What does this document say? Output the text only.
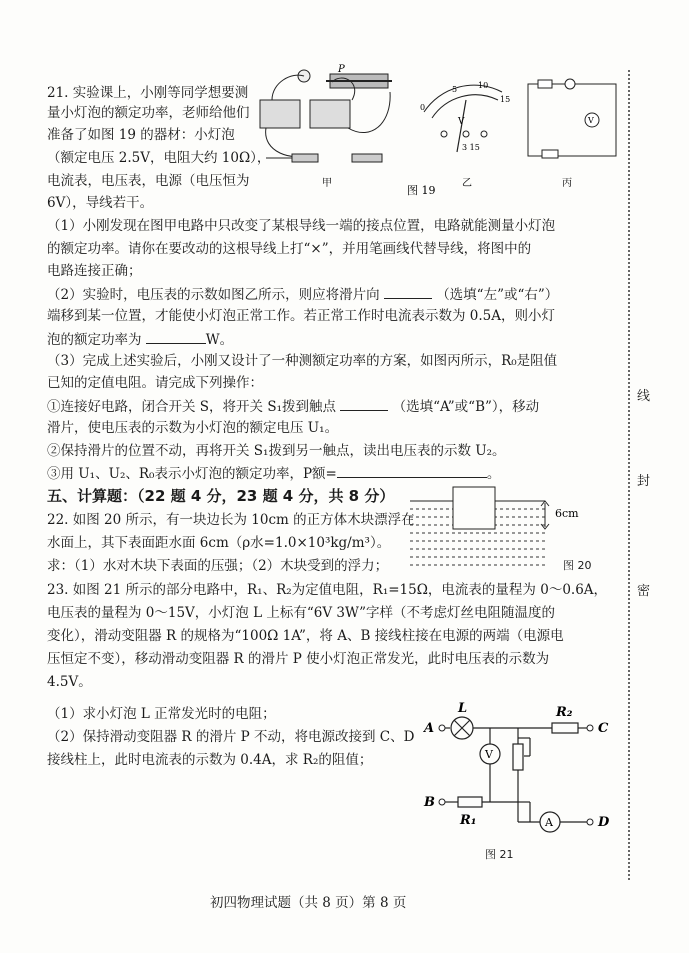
21. 实验课上，小刚等同学想要测
量小灯泡的额定功率，老师给他们
准备了如图 19 的器材：小灯泡
（额定电压 2.5V，电阻大约 10Ω），
电流表，电压表，电源（电压恒为
6V），导线若干。
P
甲
0
5	10
15
V
3 15
乙
V
丙
图 19
（1）小刚发现在图甲电路中只改变了某根导线一端的接点位置，电路就能测量小灯泡
的额定功率。请你在要改动的这根导线上打“×”，并用笔画线代替导线，将图中的
电路连接正确；
（2）实验时，电压表的示数如图乙所示，则应将滑片向	（选填“左”或“右”）
端移到某一位置，才能使小灯泡正常工作。若正常工作时电流表示数为 0.5A，则小灯
泡的额定功率为	W。
（3）完成上述实验后，小刚又设计了一种测额定功率的方案，如图丙所示，R₀是阻值
已知的定值电阻。请完成下列操作：
①连接好电路，闭合开关 S，将开关 S₁拨到触点	（选填“A”或“B”），移动
滑片，使电压表的示数为小灯泡的额定电压 U₁。
②保持滑片的位置不动，再将开关 S₁拨到另一触点，读出电压表的示数 U₂。
③用 U₁、U₂、R₀表示小灯泡的额定功率，P额=	。
五、计算题：（22 题 4 分，23 题 4 分，共 8 分）
22. 如图 20 所示，有一块边长为 10cm 的正方体木块漂浮在
水面上，其下表面距水面 6cm（ρ水=1.0×10³kg/m³）。
求：（1）水对木块下表面的压强；（2）木块受到的浮力；
6cm
图 20
23. 如图 21 所示的部分电路中，R₁、R₂为定值电阻，R₁=15Ω，电流表的量程为 0～0.6A，
电压表的量程为 0～15V，小灯泡 L 上标有“6V 3W”字样（不考虑灯丝电阻随温度的
变化），滑动变阻器 R 的规格为“100Ω 1A”，将 A、B 接线柱接在电源的两端（电源电
压恒定不变），移动滑动变阻器 R 的滑片 P 使小灯泡正常发光，此时电压表的示数为
4.5V。
（1）求小灯泡 L 正常发光时的电阻；
（2）保持滑动变阻器 R 的滑片 P 不动，将电源改接到 C、D
接线柱上，此时电流表的示数为 0.4A，求 R₂的阻值；
A	C
B
D
L	R₂
R₁
V
A
图 21
线
封
密
初四物理试题（共 8 页）第 8 页
